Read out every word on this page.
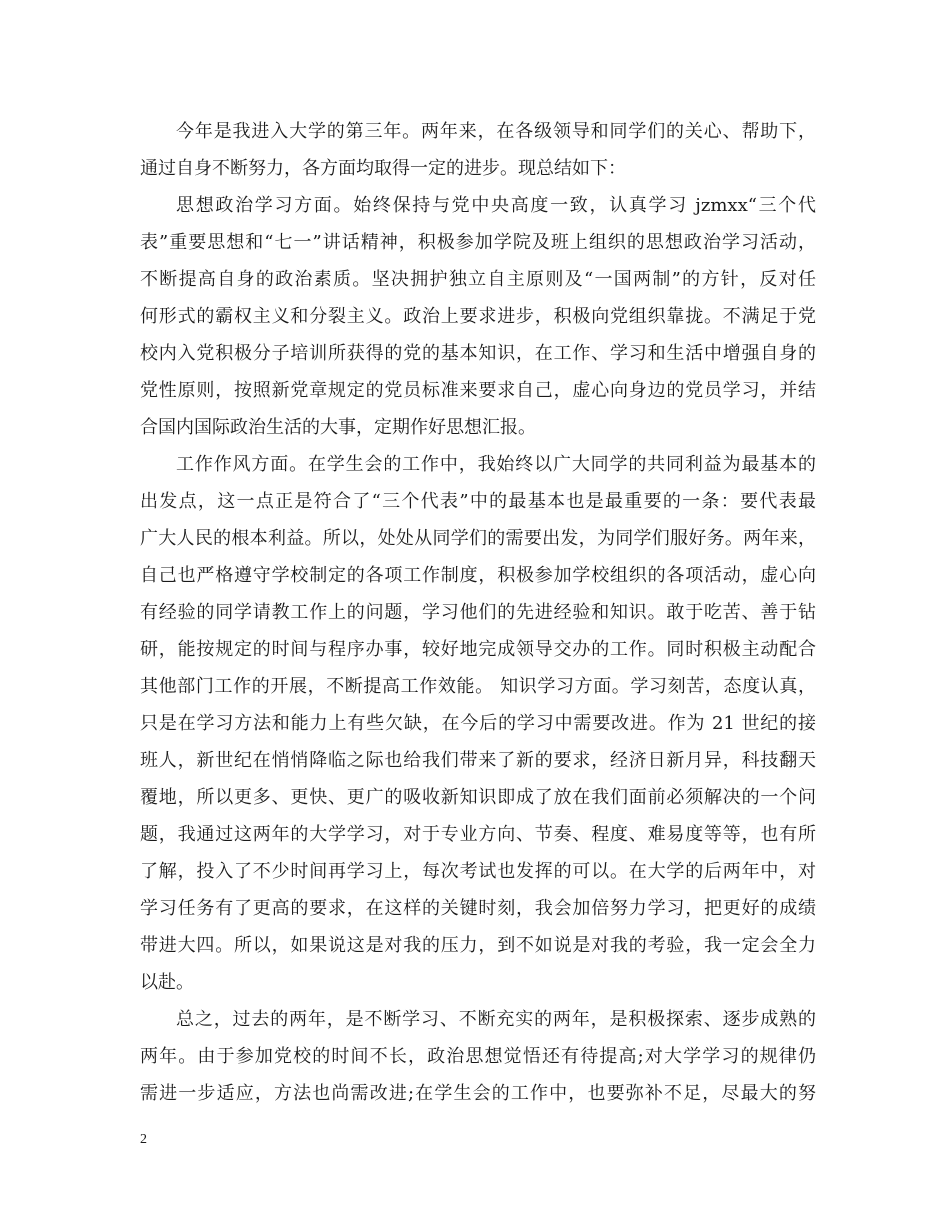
今年是我进入大学的第三年。两年来，在各级领导和同学们的关心、帮助下，
通过自身不断努力，各方面均取得一定的进步。现总结如下：
思想政治学习方面。始终保持与党中央高度一致，认真学习 jzmxx“三个代
表”重要思想和“七一”讲话精神，积极参加学院及班上组织的思想政治学习活动，
不断提高自身的政治素质。坚决拥护独立自主原则及“一国两制”的方针，反对任
何形式的霸权主义和分裂主义。政治上要求进步，积极向党组织靠拢。不满足于党
校内入党积极分子培训所获得的党的基本知识，在工作、学习和生活中增强自身的
党性原则，按照新党章规定的党员标准来要求自己，虚心向身边的党员学习，并结
合国内国际政治生活的大事，定期作好思想汇报。
工作作风方面。在学生会的工作中，我始终以广大同学的共同利益为最基本的
出发点，这一点正是符合了“三个代表”中的最基本也是最重要的一条：要代表最
广大人民的根本利益。所以，处处从同学们的需要出发，为同学们服好务。两年来，
自己也严格遵守学校制定的各项工作制度，积极参加学校组织的各项活动，虚心向
有经验的同学请教工作上的问题，学习他们的先进经验和知识。敢于吃苦、善于钻
研，能按规定的时间与程序办事，较好地完成领导交办的工作。同时积极主动配合
其他部门工作的开展，不断提高工作效能。 知识学习方面。学习刻苦，态度认真，
只是在学习方法和能力上有些欠缺，在今后的学习中需要改进。作为 21 世纪的接
班人，新世纪在悄悄降临之际也给我们带来了新的要求，经济日新月异，科技翻天
覆地，所以更多、更快、更广的吸收新知识即成了放在我们面前必须解决的一个问
题，我通过这两年的大学学习，对于专业方向、节奏、程度、难易度等等，也有所
了解，投入了不少时间再学习上，每次考试也发挥的可以。在大学的后两年中，对
学习任务有了更高的要求，在这样的关键时刻，我会加倍努力学习，把更好的成绩
带进大四。所以，如果说这是对我的压力，到不如说是对我的考验，我一定会全力
以赴。
总之，过去的两年，是不断学习、不断充实的两年，是积极探索、逐步成熟的
两年。由于参加党校的时间不长，政治思想觉悟还有待提高;对大学学习的规律仍
需进一步适应，方法也尚需改进;在学生会的工作中，也要弥补不足，尽最大的努
2
